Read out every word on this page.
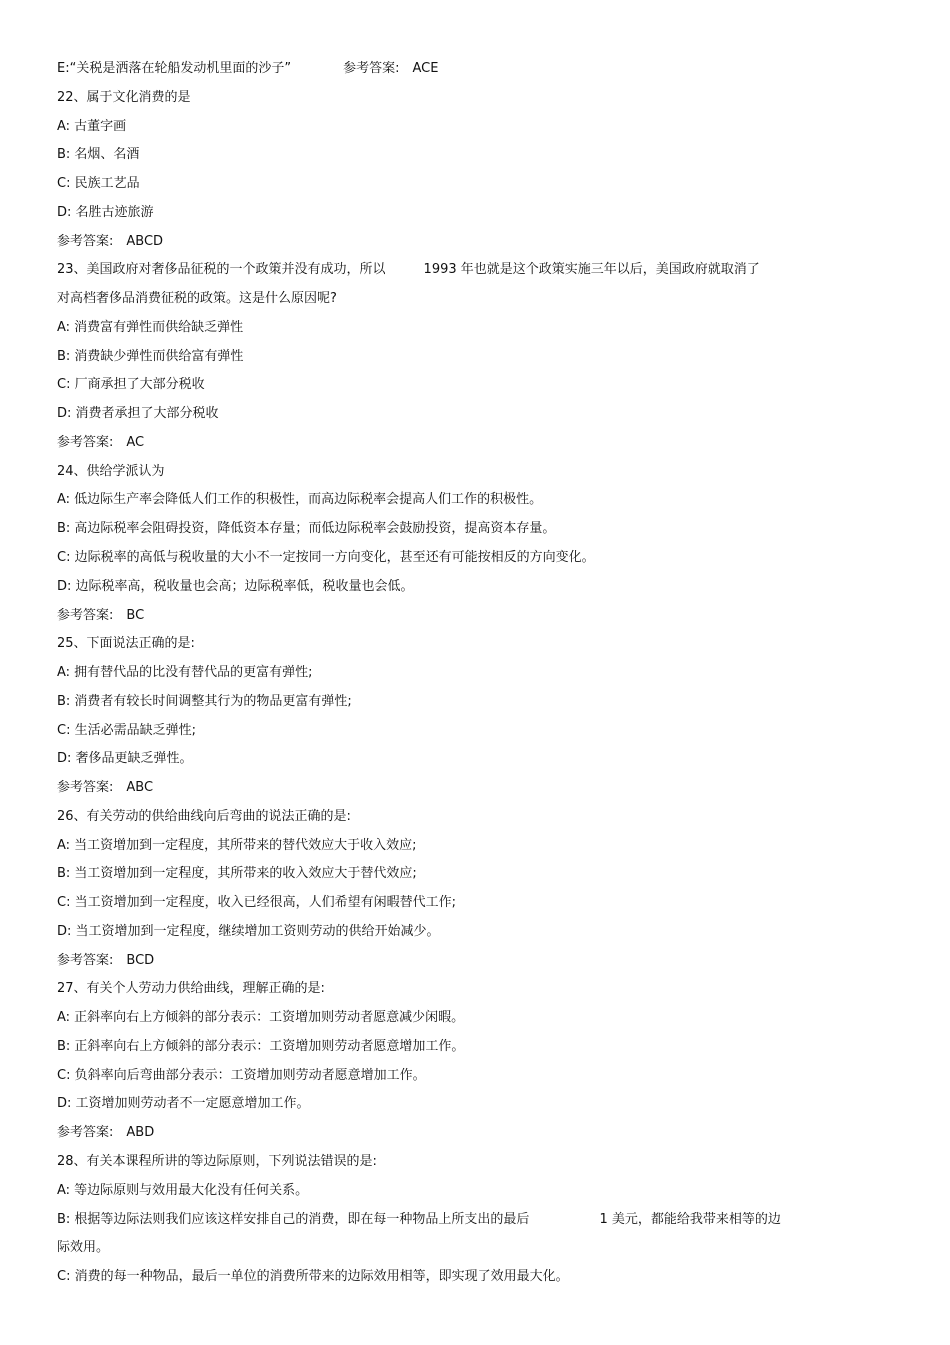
E:“关税是洒落在轮船发动机里面的沙子”	参考答案:　ACE
22、属于文化消费的是
A: 古董字画
B: 名烟、名酒
C: 民族工艺品
D: 名胜古迹旅游
参考答案:　ABCD
23、美国政府对奢侈品征税的一个政策并没有成功，所以	1993 年也就是这个政策实施三年以后，美国政府就取消了
对高档奢侈品消费征税的政策。这是什么原因呢?
A: 消费富有弹性而供给缺乏弹性
B: 消费缺少弹性而供给富有弹性
C: 厂商承担了大部分税收
D: 消费者承担了大部分税收
参考答案:　AC
24、供给学派认为
A: 低边际生产率会降低人们工作的积极性，而高边际税率会提高人们工作的积极性。
B: 高边际税率会阻碍投资，降低资本存量；而低边际税率会鼓励投资，提高资本存量。
C: 边际税率的高低与税收量的大小不一定按同一方向变化，甚至还有可能按相反的方向变化。
D: 边际税率高，税收量也会高；边际税率低，税收量也会低。
参考答案:　BC
25、下面说法正确的是:
A: 拥有替代品的比没有替代品的更富有弹性;
B: 消费者有较长时间调整其行为的物品更富有弹性;
C: 生活必需品缺乏弹性;
D: 奢侈品更缺乏弹性。
参考答案:　ABC
26、有关劳动的供给曲线向后弯曲的说法正确的是:
A: 当工资增加到一定程度，其所带来的替代效应大于收入效应;
B: 当工资增加到一定程度，其所带来的收入效应大于替代效应;
C: 当工资增加到一定程度，收入已经很高，人们希望有闲暇替代工作;
D: 当工资增加到一定程度，继续增加工资则劳动的供给开始减少。
参考答案:　BCD
27、有关个人劳动力供给曲线，理解正确的是:
A: 正斜率向右上方倾斜的部分表示：工资增加则劳动者愿意减少闲暇。
B: 正斜率向右上方倾斜的部分表示：工资增加则劳动者愿意增加工作。
C: 负斜率向后弯曲部分表示：工资增加则劳动者愿意增加工作。
D: 工资增加则劳动者不一定愿意增加工作。
参考答案:　ABD
28、有关本课程所讲的等边际原则，下列说法错误的是:
A: 等边际原则与效用最大化没有任何关系。
B: 根据等边际法则我们应该这样安排自己的消费，即在每一种物品上所支出的最后	1 美元，都能给我带来相等的边
际效用。
C: 消费的每一种物品，最后一单位的消费所带来的边际效用相等，即实现了效用最大化。
